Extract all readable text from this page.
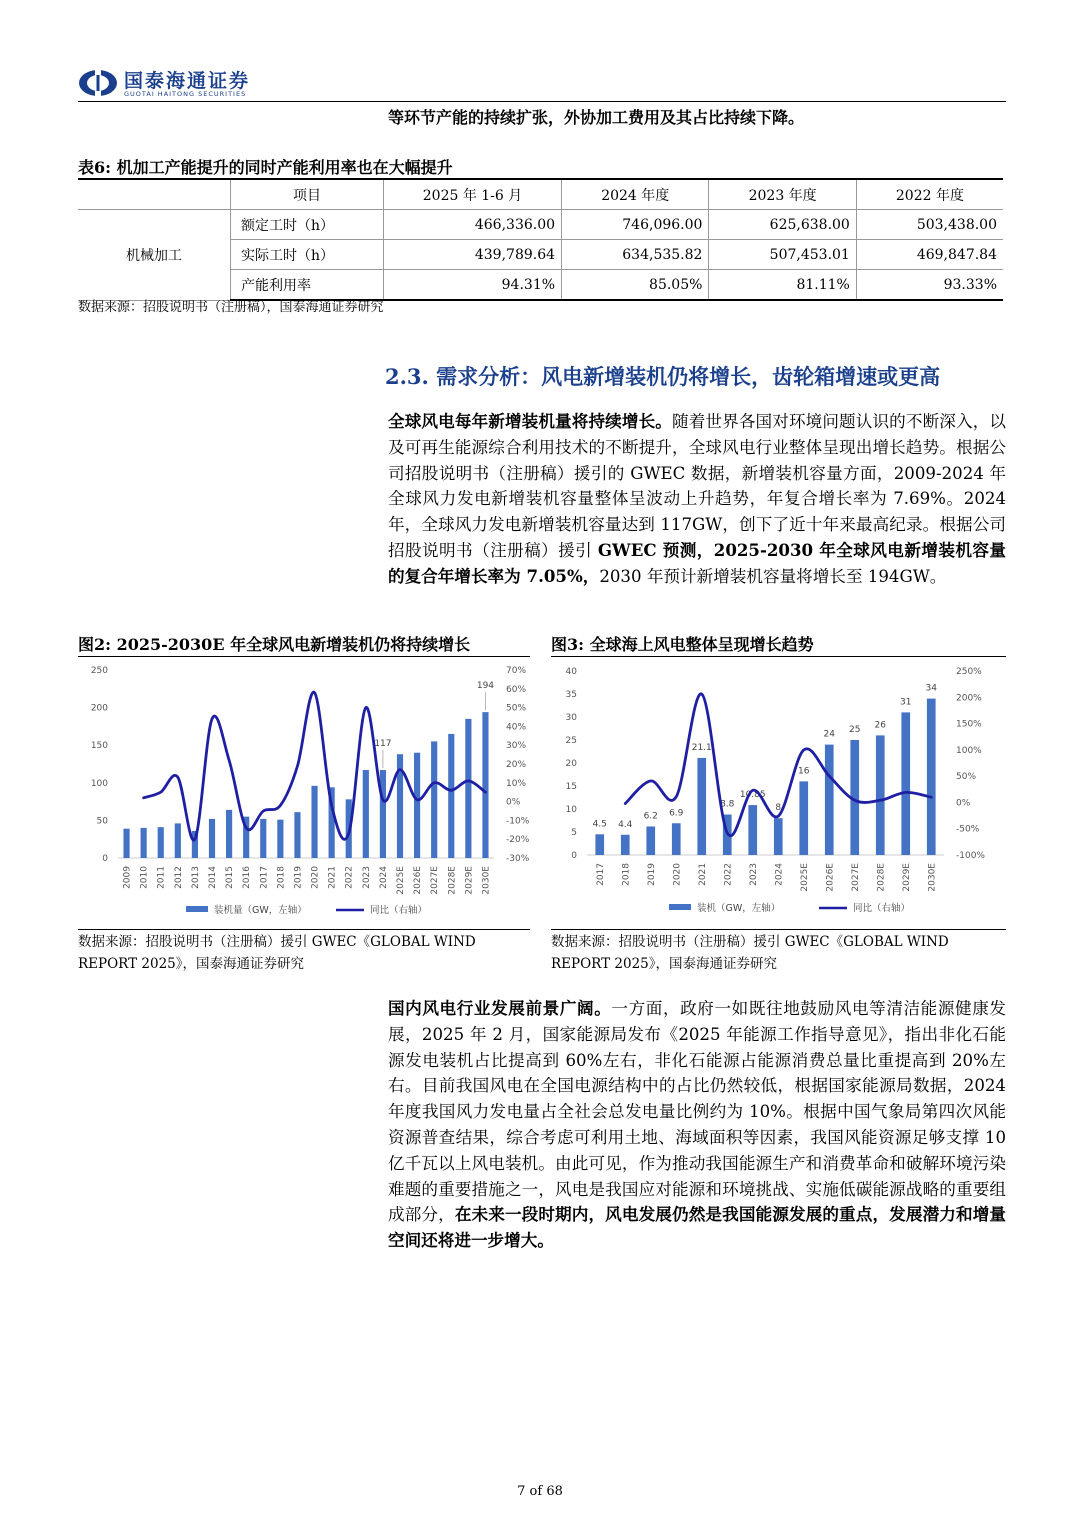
国泰海通证券
GUOTAI HAITONG SECURITIES
等环节产能的持续扩张，外协加工费用及其占比持续下降。
表6: 机加工产能提升的同时产能利用率也在大幅提升
	项目	2025 年 1-6 月	2024 年度	2023 年度	2022 年度
机械加工	额定工时（h）	466,336.00	746,096.00	625,638.00	503,438.00
	实际工时（h）	439,789.64	634,535.82	507,453.01	469,847.84
	产能利用率	94.31%	85.05%	81.11%	93.33%
数据来源：招股说明书（注册稿），国泰海通证券研究
2.3. 需求分析：风电新增装机仍将增长，齿轮箱增速或更高
全球风电每年新增装机量将持续增长。随着世界各国对环境问题认识的不断深入，以及可再生能源综合利用技术的不断提升，全球风电行业整体呈现出增长趋势。根据公司招股说明书（注册稿）援引的 GWEC 数据，新增装机容量方面，2009-2024 年全球风力发电新增装机容量整体呈波动上升趋势，年复合增长率为 7.69%。2024 年，全球风力发电新增装机容量达到 117GW，创下了近十年来最高纪录。根据公司招股说明书（注册稿）援引 GWEC 预测，2025-2030 年全球风电新增装机容量的复合年增长率为 7.05%，2030 年预计新增装机容量将增长至 194GW。
图2: 2025-2030E 年全球风电新增装机仍将持续增长
250
200
150
100
50
0
70%
60%
50%
40%
30%
20%
10%
0%
-10%
-20%
-30%
2009 2010 2011 2012 2013 2014 2015 2016 2017 2018 2019 2020 2021 2022 2023 2024 2025E 2026E 2027E 2028E 2029E 2030E
117
194
装机量（GW，左轴）	同比（右轴）
数据来源：招股说明书（注册稿）援引 GWEC《GLOBAL WIND REPORT 2025》，国泰海通证券研究
图3: 全球海上风电整体呈现增长趋势
40
35
30
25
20
15
10
5
0
250%
200%
150%
100%
50%
0%
-50%
-100%
2017 2018 2019 2020 2021 2022 2023 2024 2025E 2026E 2027E 2028E 2029E 2030E
4.5 4.4
6.2 6.9
21.1
8.8
10.85
8
16
24 25 26
31
34
装机（GW，左轴）	同比（右轴）
数据来源：招股说明书（注册稿）援引 GWEC《GLOBAL WIND REPORT 2025》，国泰海通证券研究
国内风电行业发展前景广阔。一方面，政府一如既往地鼓励风电等清洁能源健康发展，2025 年 2 月，国家能源局发布《2025 年能源工作指导意见》，指出非化石能源发电装机占比提高到 60%左右，非化石能源占能源消费总量比重提高到 20%左右。目前我国风电在全国电源结构中的占比仍然较低，根据国家能源局数据，2024 年度我国风力发电量占全社会总发电量比例约为 10%。根据中国气象局第四次风能资源普查结果，综合考虑可利用土地、海域面积等因素，我国风能资源足够支撑 10 亿千瓦以上风电装机。由此可见，作为推动我国能源生产和消费革命和破解环境污染难题的重要措施之一，风电是我国应对能源和环境挑战、实施低碳能源战略的重要组成部分，在未来一段时期内，风电发展仍然是我国能源发展的重点，发展潜力和增量空间还将进一步增大。
7 of 68
